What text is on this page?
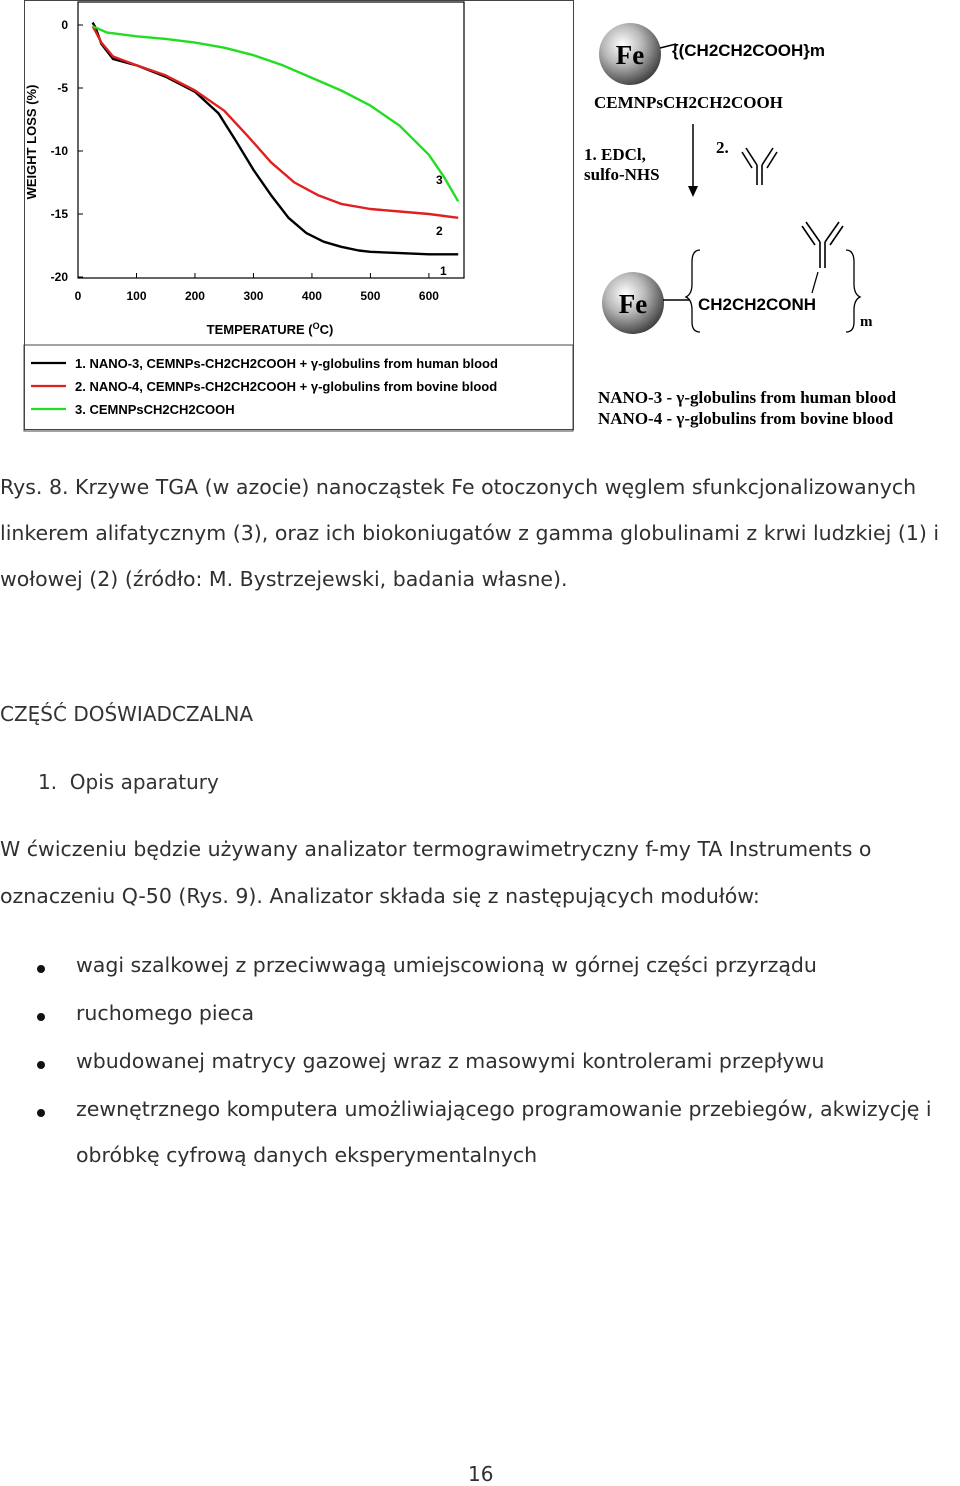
0
-5
-10
-15
-20
0	100	200	300	400	500	600
WEIGHT LOSS (%)
TEMPERATURE ($^O$C)
3
2
1
1. NANO-3, CEMNPs-CH2CH2COOH + γ-globulins from human blood
2. NANO-4, CEMNPs-CH2CH2COOH + γ-globulins from bovine blood
3. CEMNPsCH2CH2COOH
Fe {(CH2CH2COOH}m
CEMNPsCH2CH2COOH
1. EDCl,
sulfo-NHS
2.
Fe	CH2CH2CONH
m
NANO-3 - γ-globulins from human blood
NANO-4 - γ-globulins from bovine blood
Rys. 8. Krzywe TGA (w azocie) nanocząstek Fe otoczonych węglem sfunkcjonalizowanych
linkerem alifatycznym (3), oraz ich biokoniugatów z gamma globulinami z krwi ludzkiej (1) i
wołowej (2) (źródło: M. Bystrzejewski, badania własne).
CZĘŚĆ DOŚWIADCZALNA
1.  Opis aparatury
W ćwiczeniu będzie używany analizator termograwimetryczny f-my TA Instruments o
oznaczeniu Q-50 (Rys. 9). Analizator składa się z następujących modułów:
wagi szalkowej z przeciwwagą umiejscowioną w górnej części przyrządu
ruchomego pieca
wbudowanej matrycy gazowej wraz z masowymi kontrolerami przepływu
zewnętrznego komputera umożliwiającego programowanie przebiegów, akwizycję i
obróbkę cyfrową danych eksperymentalnych
16
